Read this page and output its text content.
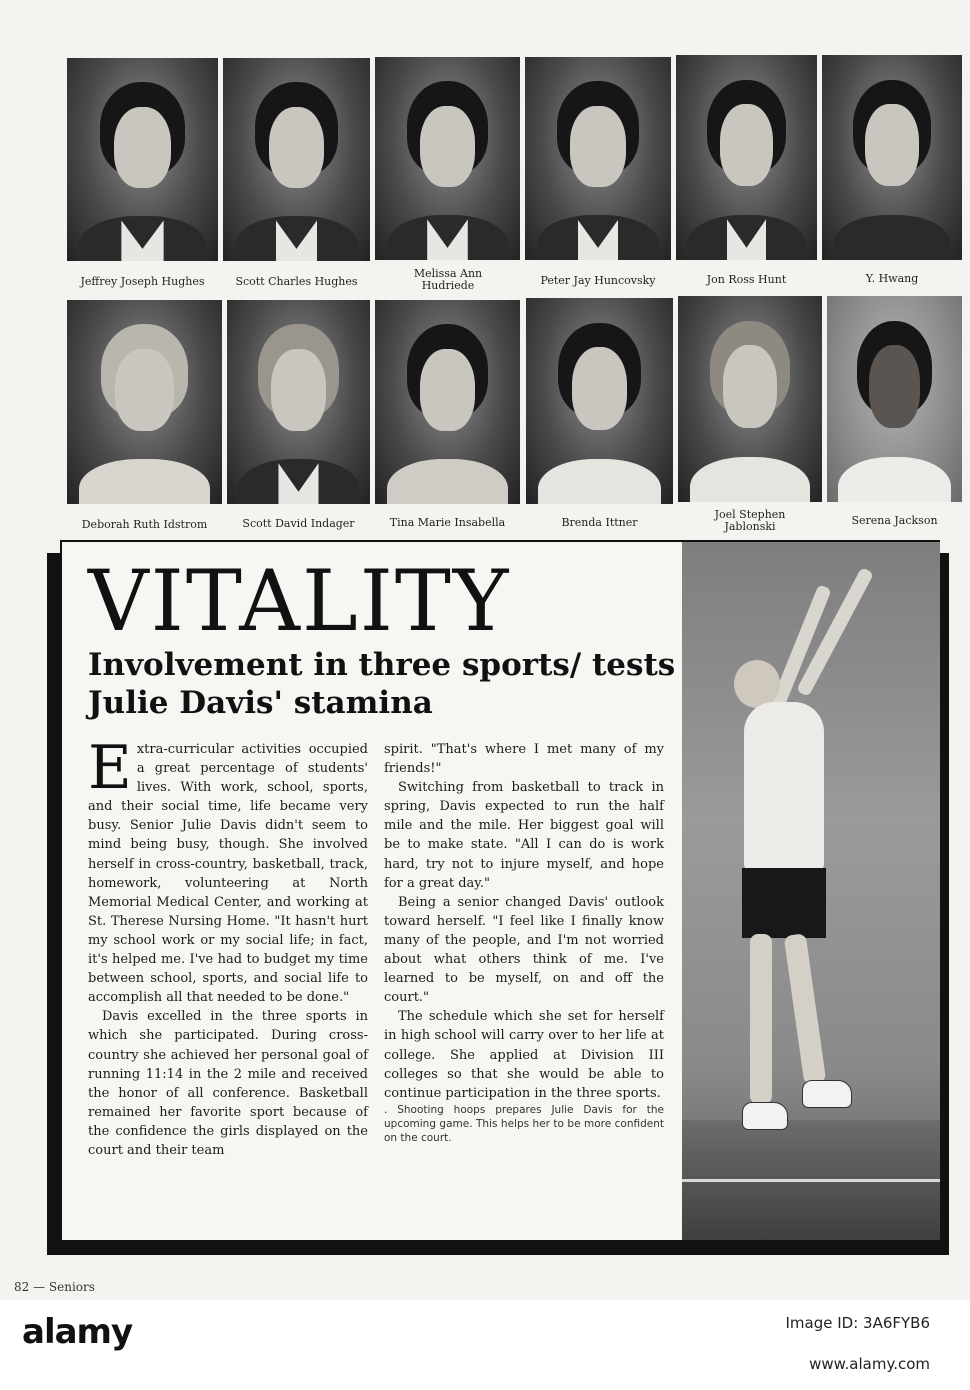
Jeffrey Joseph Hughes	Scott Charles Hughes
Melissa Ann Hudriede	Peter Jay Huncovsky	Jon Ross Hunt	Y. Hwang
Deborah Ruth Idstrom	Scott David Indager	Tina Marie Insabella	Brenda Ittner
Joel Stephen Jablonski	Serena Jackson
VITALITY
Involvement in three sports/ tests Julie Davis' stamina

Extra-curricular activities occupied a great percentage of students' lives. With work, school, sports, and their social time, life became very busy. Senior Julie Davis didn't seem to mind being busy, though. She involved herself in cross-country, basketball, track, homework, volunteering at North Memorial Medical Center, and working at St. Therese Nursing Home. "It hasn't hurt my school work or my social life; in fact, it's helped me. I've had to budget my time between school, sports, and social life to accomplish all that needed to be done."

Davis excelled in the three sports in which she participated. During cross-country she achieved her personal goal of running 11:14 in the 2 mile and received the honor of all conference. Basketball remained her favorite sport because of the confidence the girls displayed on the court and their team

spirit. "That's where I met many of my friends!"

Switching from basketball to track in spring, Davis expected to run the half mile and the mile. Her biggest goal will be to make state. "All I can do is work hard, try not to injure myself, and hope for a great day."

Being a senior changed Davis' outlook toward herself. "I feel like I finally know many of the people, and I'm not worried about what others think of me. I've learned to be myself, on and off the court."

The schedule which she set for herself in high school will carry over to her life at college. She applied at Division III colleges so that she would be able to continue participation in the three sports.

. Shooting hoops prepares Julie Davis for the upcoming game. This helps her to be more confident on the court.

82 — Seniors
alamy	Image ID: 3A6FYB6
www.alamy.com
